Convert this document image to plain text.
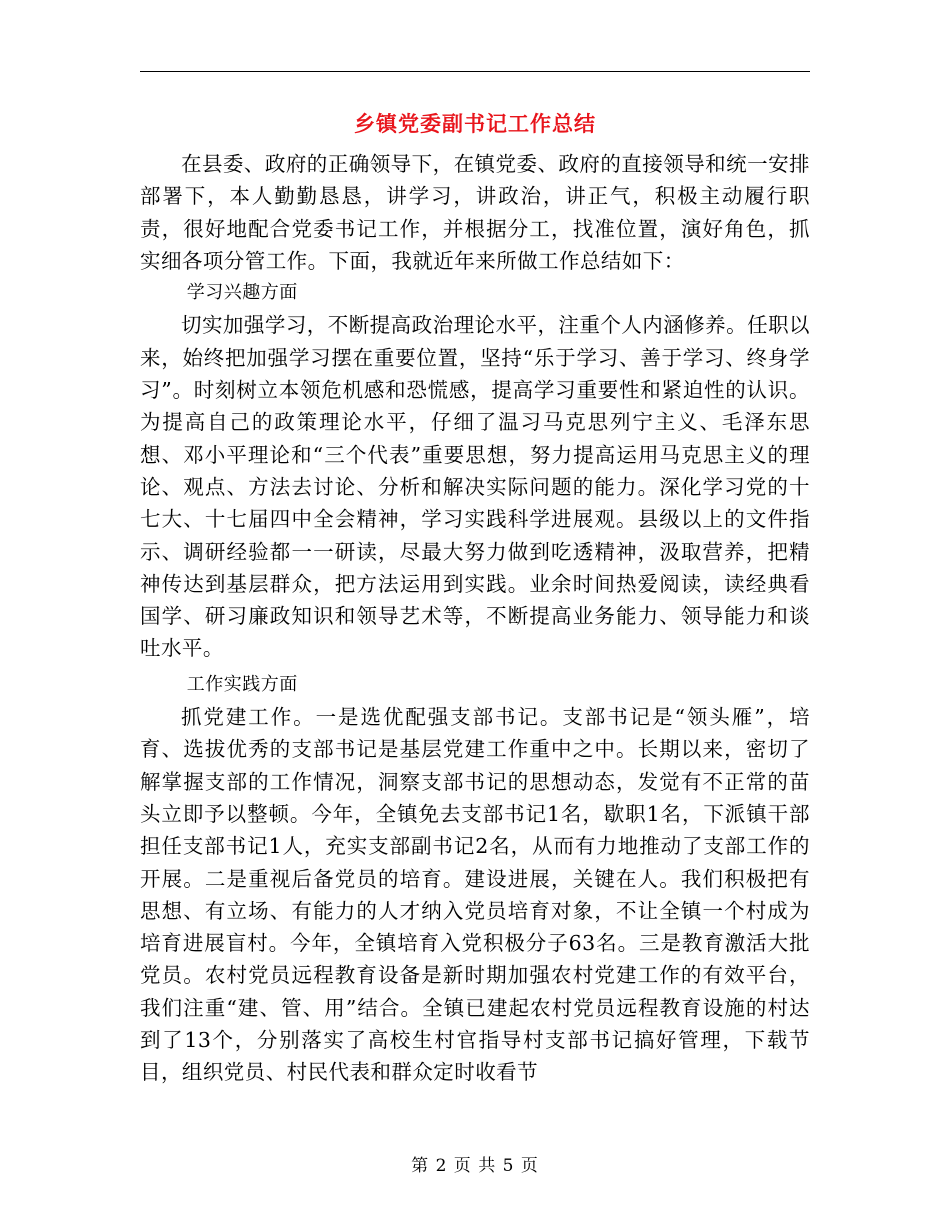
乡镇党委副书记工作总结

在县委、政府的正确领导下，在镇党委、政府的直接领导和统一安排部署下，本人勤勤恳恳，讲学习，讲政治，讲正气，积极主动履行职责，很好地配合党委书记工作，并根据分工，找准位置，演好角色，抓实细各项分管工作。下面，我就近年来所做工作总结如下：

学习兴趣方面

切实加强学习，不断提高政治理论水平，注重个人内涵修养。任职以来，始终把加强学习摆在重要位置，坚持“乐于学习、善于学习、终身学习”。时刻树立本领危机感和恐慌感，提高学习重要性和紧迫性的认识。为提高自己的政策理论水平，仔细了温习马克思列宁主义、毛泽东思想、邓小平理论和“三个代表”重要思想，努力提高运用马克思主义的理论、观点、方法去讨论、分析和解决实际问题的能力。深化学习党的十七大、十七届四中全会精神，学习实践科学进展观。县级以上的文件指示、调研经验都一一研读，尽最大努力做到吃透精神，汲取营养，把精神传达到基层群众，把方法运用到实践。业余时间热爱阅读，读经典看国学、研习廉政知识和领导艺术等，不断提高业务能力、领导能力和谈吐水平。

工作实践方面

抓党建工作。一是选优配强支部书记。支部书记是“领头雁”，培育、选拔优秀的支部书记是基层党建工作重中之中。长期以来，密切了解掌握支部的工作情况，洞察支部书记的思想动态，发觉有不正常的苗头立即予以整顿。今年，全镇免去支部书记1名，歇职1名，下派镇干部担任支部书记1人，充实支部副书记2名，从而有力地推动了支部工作的开展。二是重视后备党员的培育。建设进展，关键在人。我们积极把有思想、有立场、有能力的人才纳入党员培育对象，不让全镇一个村成为培育进展盲村。今年，全镇培育入党积极分子63名。三是教育激活大批党员。农村党员远程教育设备是新时期加强农村党建工作的有效平台，我们注重“建、管、用”结合。全镇已建起农村党员远程教育设施的村达到了13个，分别落实了高校生村官指导村支部书记搞好管理，下载节目，组织党员、村民代表和群众定时收看节

第 2 页 共 5 页
